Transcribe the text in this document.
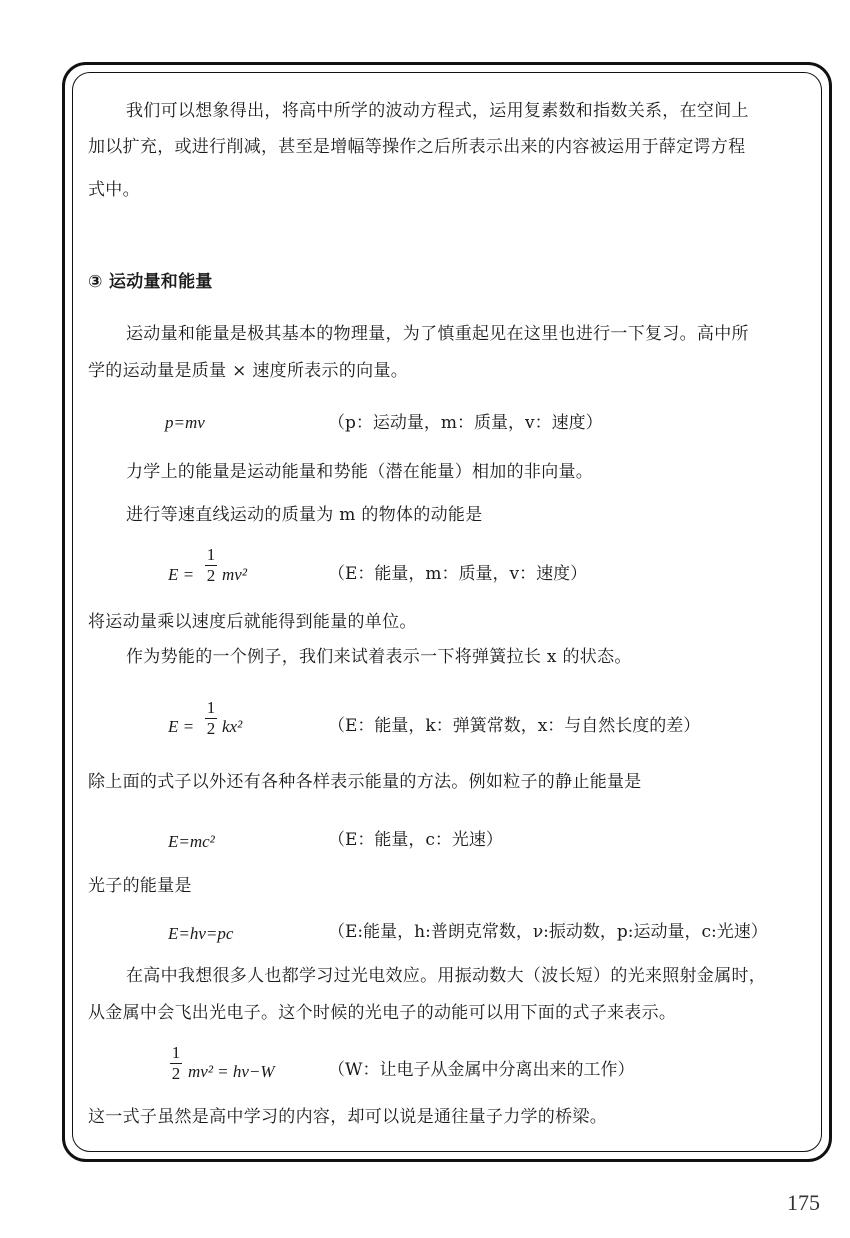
我们可以想象得出，将高中所学的波动方程式，运用复素数和指数关系，在空间上
加以扩充，或进行削减，甚至是增幅等操作之后所表示出来的内容被运用于薛定谔方程
式中。
③ 运动量和能量
运动量和能量是极其基本的物理量，为了慎重起见在这里也进行一下复习。高中所
学的运动量是质量 × 速度所表示的向量。
p=mv	（p：运动量，m：质量，v：速度）
力学上的能量是运动能量和势能（潜在能量）相加的非向量。
进行等速直线运动的质量为 m 的物体的动能是
E =
1
2 mv²	（E：能量，m：质量，v：速度）
将运动量乘以速度后就能得到能量的单位。
作为势能的一个例子，我们来试着表示一下将弹簧拉长 x 的状态。
E =
1
2 kx²	（E：能量，k：弹簧常数，x：与自然长度的差）
除上面的式子以外还有各种各样表示能量的方法。例如粒子的静止能量是
E=mc²	（E：能量，c：光速）
光子的能量是
E=hν=pc	（E:能量，h:普朗克常数，ν:振动数，p:运动量，c:光速）
在高中我想很多人也都学习过光电效应。用振动数大（波长短）的光来照射金属时，
从金属中会飞出光电子。这个时候的光电子的动能可以用下面的式子来表示。
1
2 mv² = hν−W	（W：让电子从金属中分离出来的工作）
这一式子虽然是高中学习的内容，却可以说是通往量子力学的桥梁。
175
